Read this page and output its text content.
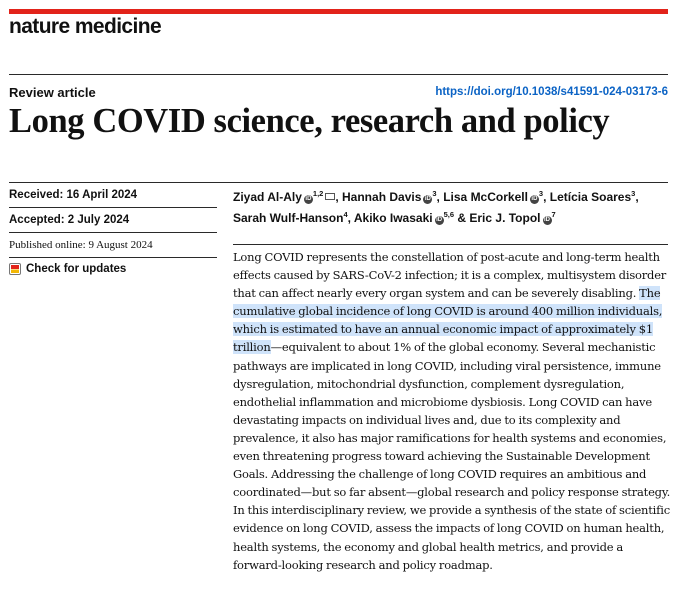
nature medicine
Review article	https://doi.org/10.1038/s41591-024-03173-6
Long COVID science, research and policy
Received: 16 April 2024
Accepted: 2 July 2024
Published online: 9 August 2024
Check for updates
Ziyad Al-Aly iD$^{1,2}$ , Hannah Davis $iD^3$, Lisa McCorkell $iD^3$, Letícia Soares$^3$, Sarah Wulf-Hanson$^4$, Akiko Iwasaki iD$^{5,6}$ & Eric J. Topol $iD^7$

Long COVID represents the constellation of post-acute and long-term health effects caused by SARS-CoV-2 infection; it is a complex, multisystem disorder that can affect nearly every organ system and can be severely disabling. The cumulative global incidence of long COVID is around 400 million individuals, which is estimated to have an annual economic impact of approximately $1 trillion—equivalent to about 1% of the global economy. Several mechanistic pathways are implicated in long COVID, including viral persistence, immune dysregulation, mitochondrial dysfunction, complement dysregulation, endothelial inflammation and microbiome dysbiosis. Long COVID can have devastating impacts on individual lives and, due to its complexity and prevalence, it also has major ramifications for health systems and economies, even threatening progress toward achieving the Sustainable Development Goals. Addressing the challenge of long COVID requires an ambitious and coordinated—but so far absent—global research and policy response strategy. In this interdisciplinary review, we provide a synthesis of the state of scientific evidence on long COVID, assess the impacts of long COVID on human health, health systems, the economy and global health metrics, and provide a forward-looking research and policy roadmap.
